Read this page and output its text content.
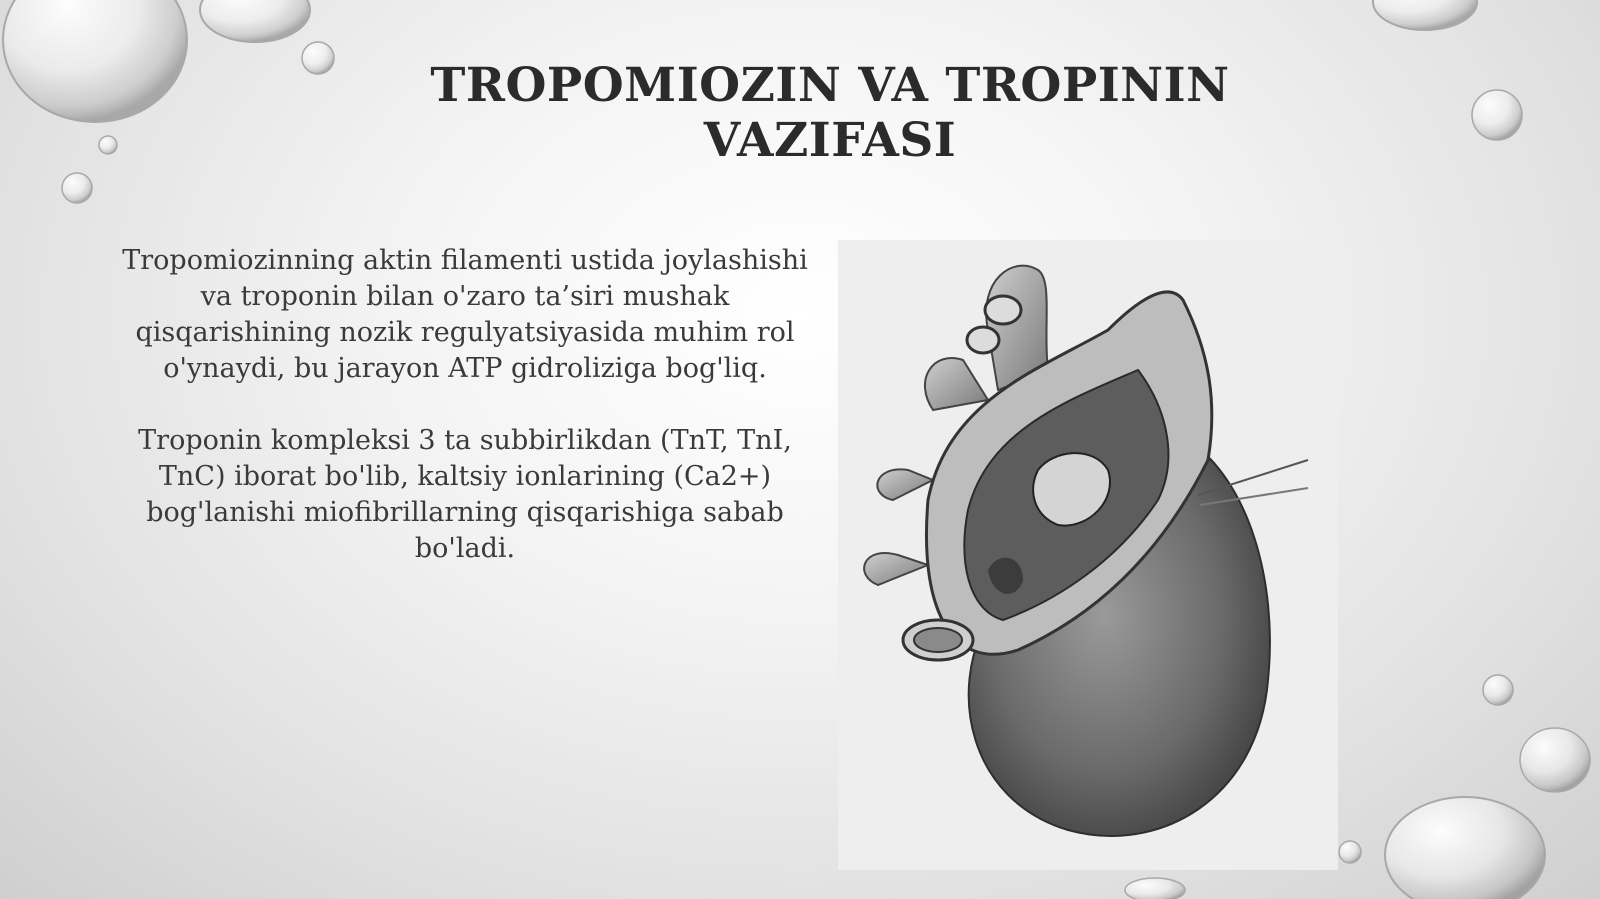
TROPOMIOZIN VA TROPININ VAZIFASI

Tropomiozinning aktin filamenti ustida joylashishi va troponin bilan o'zaro ta’siri mushak qisqarishining nozik regulyatsiyasida muhim rol o'ynaydi, bu jarayon ATP gidroliziga bog'liq.

Troponin kompleksi 3 ta subbirlikdan (TnT, TnI, TnC) iborat bo'lib, kaltsiy ionlarining (Ca2+) bog'lanishi miofibrillarning qisqarishiga sabab bo'ladi.
